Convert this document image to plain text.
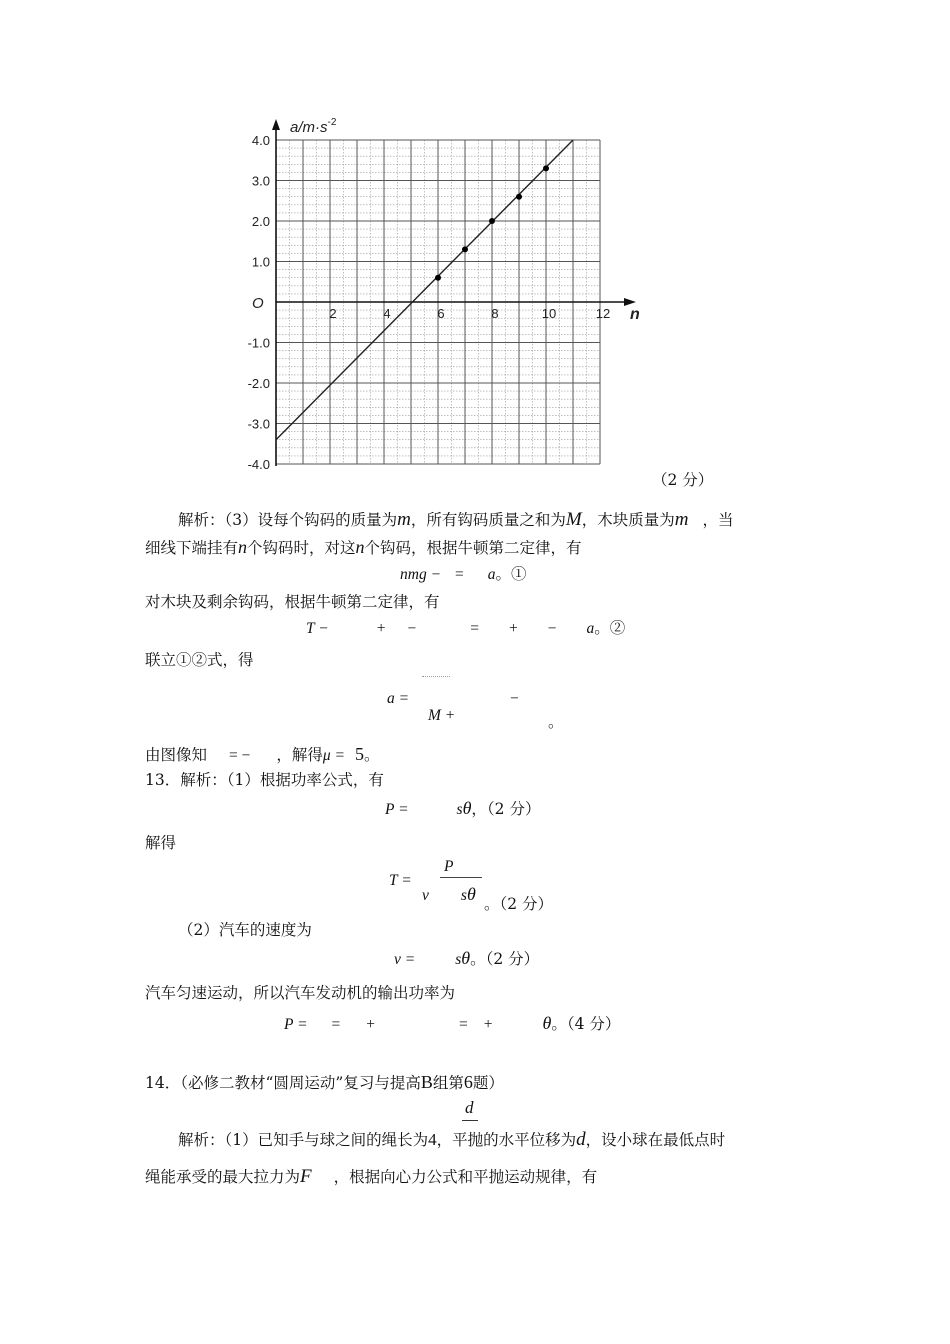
4.0
3.0
2.0
1.0
-1.0
-2.0
-3.0
-4.0
2	4	6	8	10	12
$a/m\cdot s^{-2}$
n
O
（2 分）
解析：（3）设每个钩码的质量为m，所有钩码质量之和为M，木块质量为m ，当
细线下端挂有n个钩码时，对这n个钩码，根据牛顿第二定律，有
nmg − = a。①
对木块及剩余钩码，根据牛顿第二定律，有
T −	+ −	= + − a。②
联立①②式，得
a =
M +
−
。
由图像知 = − ，解得μ = 5。
13．解析：（1）根据功率公式，有
P =	sθ，（2 分）
解得
T =
P
v sθ 。（2 分）
（2）汽车的速度为
v =	sθ。（2 分）
汽车匀速运动，所以汽车发动机的输出功率为
P = = +	= +	θ。（4 分）
14．（必修二教材“圆周运动”复习与提高B组第6题）
d
解析：（1）已知手与球之间的绳长为4，平抛的水平位移为d，设小球在最低点时
绳能承受的最大拉力为F ，根据向心力公式和平抛运动规律，有
